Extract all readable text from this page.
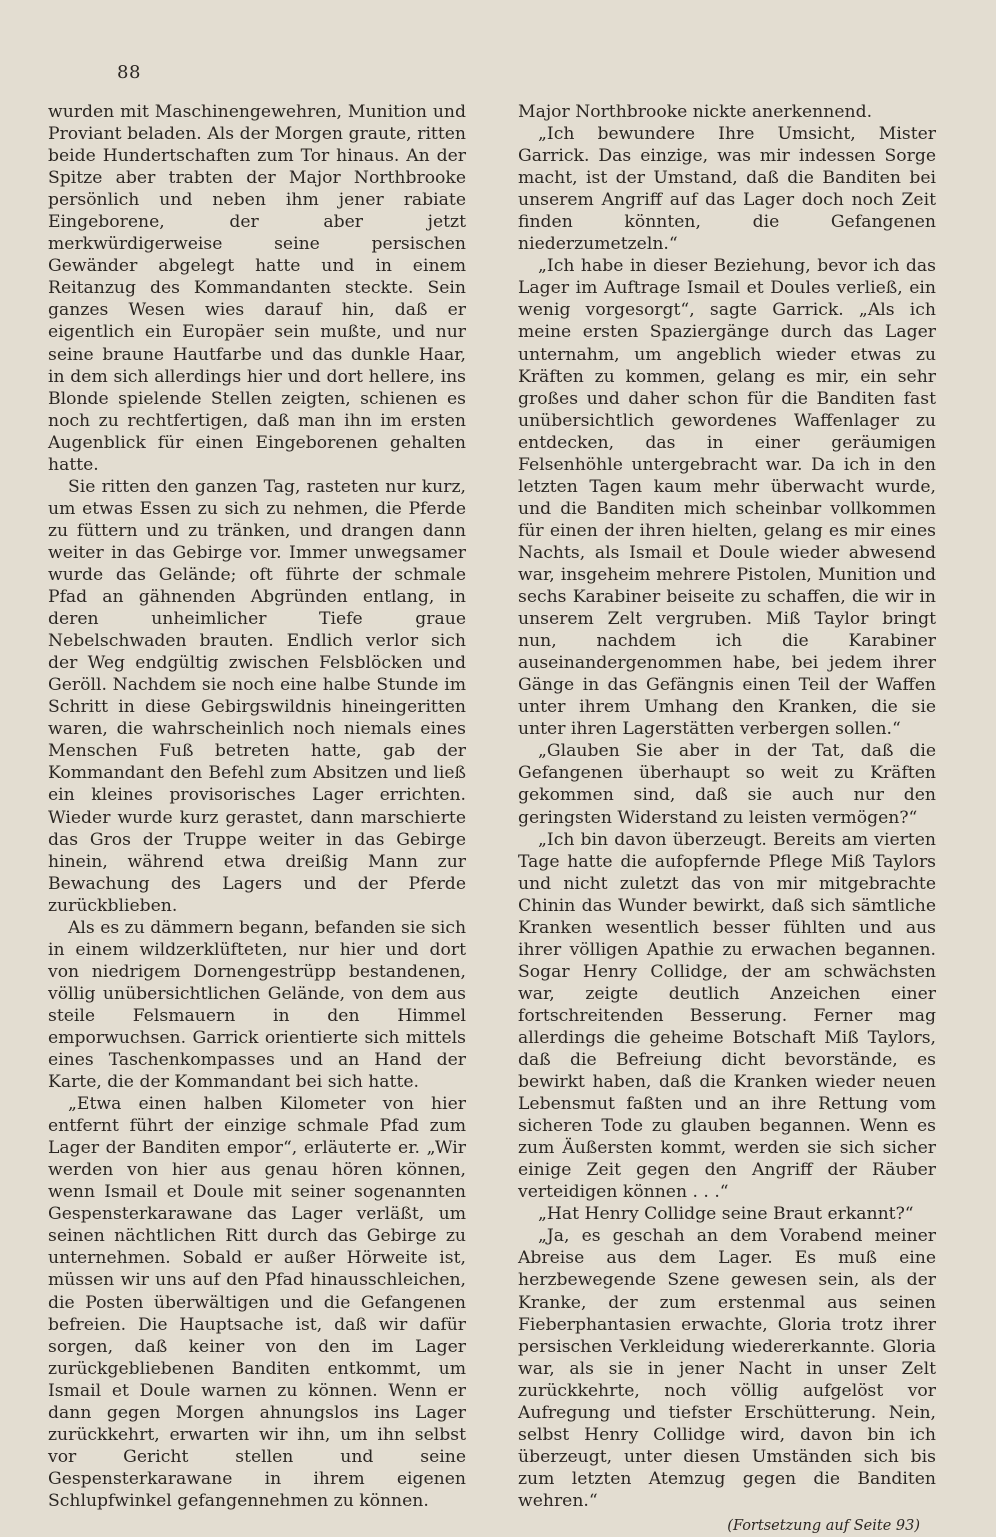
88

wurden mit Maschinengewehren, Munition und Proviant beladen. Als der Morgen graute, ritten beide Hundertschaften zum Tor hinaus. An der Spitze aber trabten der Major Northbrooke persönlich und neben ihm jener rabiate Eingeborene, der aber jetzt merkwürdigerweise seine persischen Gewänder abgelegt hatte und in einem Reitanzug des Kommandanten steckte. Sein ganzes Wesen wies darauf hin, daß er eigentlich ein Europäer sein mußte, und nur seine braune Hautfarbe und das dunkle Haar, in dem sich allerdings hier und dort hellere, ins Blonde spielende Stellen zeigten, schienen es noch zu rechtfertigen, daß man ihn im ersten Augenblick für einen Eingeborenen gehalten hatte.

Sie ritten den ganzen Tag, rasteten nur kurz, um etwas Essen zu sich zu nehmen, die Pferde zu füttern und zu tränken, und drangen dann weiter in das Gebirge vor. Immer unwegsamer wurde das Gelände; oft führte der schmale Pfad an gähnenden Abgründen entlang, in deren unheimlicher Tiefe graue Nebelschwaden brauten. Endlich verlor sich der Weg endgültig zwischen Felsblöcken und Geröll. Nachdem sie noch eine halbe Stunde im Schritt in diese Gebirgswildnis hineingeritten waren, die wahrscheinlich noch niemals eines Menschen Fuß betreten hatte, gab der Kommandant den Befehl zum Absitzen und ließ ein kleines provisorisches Lager errichten. Wieder wurde kurz gerastet, dann marschierte das Gros der Truppe weiter in das Gebirge hinein, während etwa dreißig Mann zur Bewachung des Lagers und der Pferde zurückblieben.

Als es zu dämmern begann, befanden sie sich in einem wildzerklüfteten, nur hier und dort von niedrigem Dornengestrüpp bestandenen, völlig unübersichtlichen Gelände, von dem aus steile Felsmauern in den Himmel emporwuchsen. Garrick orientierte sich mittels eines Taschenkompasses und an Hand der Karte, die der Kommandant bei sich hatte.

„Etwa einen halben Kilometer von hier entfernt führt der einzige schmale Pfad zum Lager der Banditen empor“, erläuterte er. „Wir werden von hier aus genau hören können, wenn Ismail et Doule mit seiner sogenannten Gespensterkarawane das Lager verläßt, um seinen nächtlichen Ritt durch das Gebirge zu unternehmen. Sobald er außer Hörweite ist, müssen wir uns auf den Pfad hinausschleichen, die Posten überwältigen und die Gefangenen befreien. Die Hauptsache ist, daß wir dafür sorgen, daß keiner von den im Lager zurückgebliebenen Banditen entkommt, um Ismail et Doule warnen zu können. Wenn er dann gegen Morgen ahnungslos ins Lager zurückkehrt, erwarten wir ihn, um ihn selbst vor Gericht stellen und seine Gespensterkarawane in ihrem eigenen Schlupfwinkel gefangennehmen zu können.

Major Northbrooke nickte anerkennend.

„Ich bewundere Ihre Umsicht, Mister Garrick. Das einzige, was mir indessen Sorge macht, ist der Umstand, daß die Banditen bei unserem Angriff auf das Lager doch noch Zeit finden könnten, die Gefangenen niederzumetzeln.“

„Ich habe in dieser Beziehung, bevor ich das Lager im Auftrage Ismail et Doules verließ, ein wenig vorgesorgt“, sagte Garrick. „Als ich meine ersten Spaziergänge durch das Lager unternahm, um angeblich wieder etwas zu Kräften zu kommen, gelang es mir, ein sehr großes und daher schon für die Banditen fast unübersichtlich gewordenes Waffenlager zu entdecken, das in einer geräumigen Felsenhöhle untergebracht war. Da ich in den letzten Tagen kaum mehr überwacht wurde, und die Banditen mich scheinbar vollkommen für einen der ihren hielten, gelang es mir eines Nachts, als Ismail et Doule wieder abwesend war, insgeheim mehrere Pistolen, Munition und sechs Karabiner beiseite zu schaffen, die wir in unserem Zelt vergruben. Miß Taylor bringt nun, nachdem ich die Karabiner auseinandergenommen habe, bei jedem ihrer Gänge in das Gefängnis einen Teil der Waffen unter ihrem Umhang den Kranken, die sie unter ihren Lagerstätten verbergen sollen.“

„Glauben Sie aber in der Tat, daß die Gefangenen überhaupt so weit zu Kräften gekommen sind, daß sie auch nur den geringsten Widerstand zu leisten vermögen?“

„Ich bin davon überzeugt. Bereits am vierten Tage hatte die aufopfernde Pflege Miß Taylors und nicht zuletzt das von mir mitgebrachte Chinin das Wunder bewirkt, daß sich sämtliche Kranken wesentlich besser fühlten und aus ihrer völligen Apathie zu erwachen begannen. Sogar Henry Collidge, der am schwächsten war, zeigte deutlich Anzeichen einer fortschreitenden Besserung. Ferner mag allerdings die geheime Botschaft Miß Taylors, daß die Befreiung dicht bevorstände, es bewirkt haben, daß die Kranken wieder neuen Lebensmut faßten und an ihre Rettung vom sicheren Tode zu glauben begannen. Wenn es zum Äußersten kommt, werden sie sich sicher einige Zeit gegen den Angriff der Räuber verteidigen können . . .“

„Hat Henry Collidge seine Braut erkannt?“

„Ja, es geschah an dem Vorabend meiner Abreise aus dem Lager. Es muß eine herzbewegende Szene gewesen sein, als der Kranke, der zum erstenmal aus seinen Fieberphantasien erwachte, Gloria trotz ihrer persischen Verkleidung wiedererkannte. Gloria war, als sie in jener Nacht in unser Zelt zurückkehrte, noch völlig aufgelöst vor Aufregung und tiefster Erschütterung. Nein, selbst Henry Collidge wird, davon bin ich überzeugt, unter diesen Umständen sich bis zum letzten Atemzug gegen die Banditen wehren.“

(Fortsetzung auf Seite 93)
